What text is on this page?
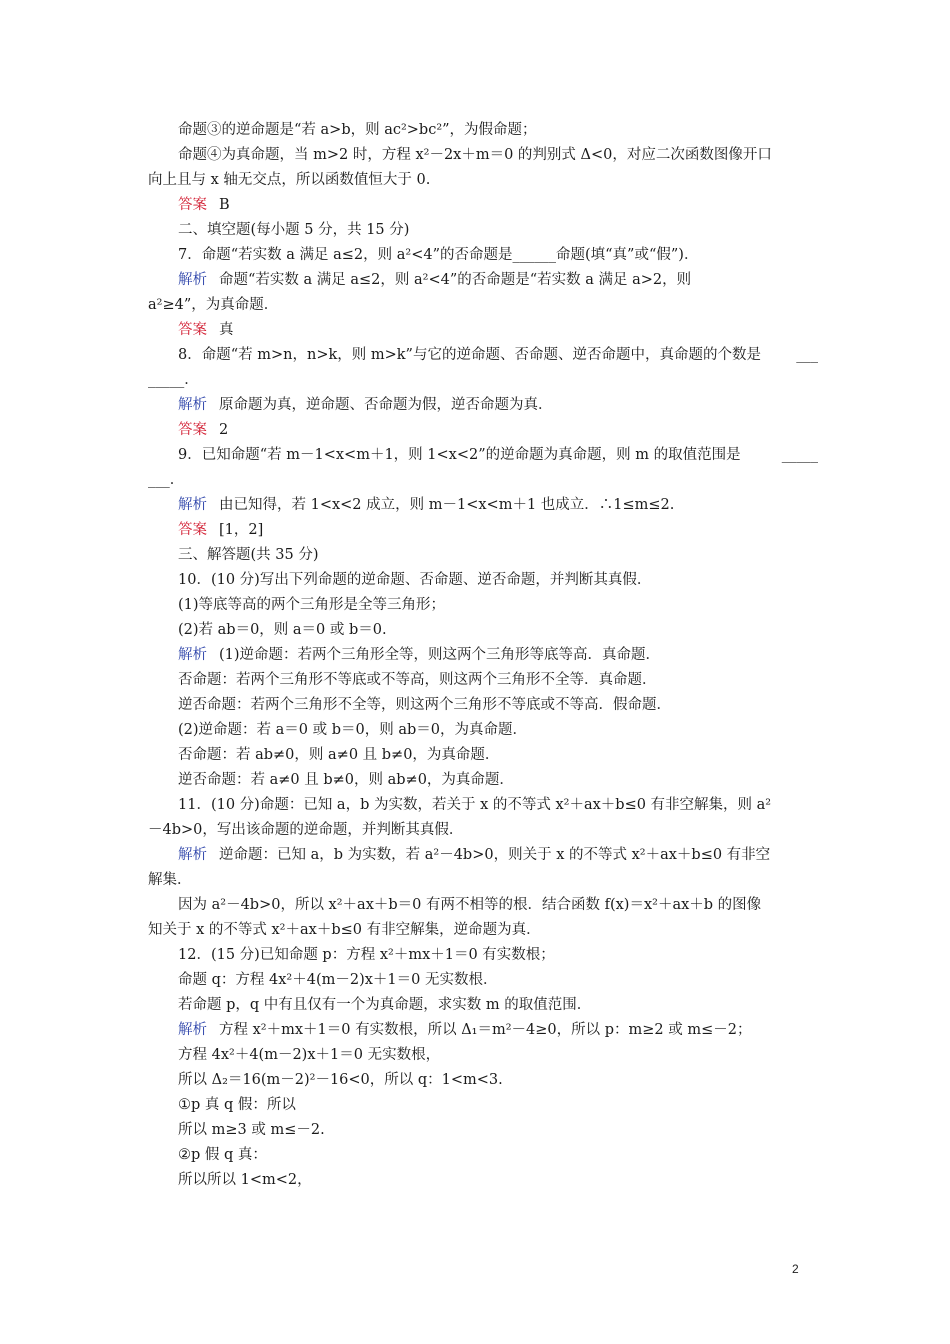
命题③的逆命题是“若 a>b，则 ac²>bc²”，为假命题；
命题④为真命题，当 m>2 时，方程 x²－2x＋m＝0 的判别式 Δ<0，对应二次函数图像开口
向上且与 x 轴无交点，所以函数值恒大于 0.
答案 B
二、填空题(每小题 5 分，共 15 分)
7．命题“若实数 a 满足 a≤2，则 a²<4”的否命题是______命题(填“真”或“假”)．
解析 命题“若实数 a 满足 a≤2，则 a²<4”的否命题是“若实数 a 满足 a>2，则
a²≥4”，为真命题．
答案 真
8．命题“若 m>n，n>k，则 m>k”与它的逆命题、否命题、逆否命题中，真命题的个数是 ___
_____．
解析 原命题为真，逆命题、否命题为假，逆否命题为真．
答案 2
9．已知命题“若 m－1<x<m＋1，则 1<x<2”的逆命题为真命题，则 m 的取值范围是	_____
___．
解析 由已知得，若 1<x<2 成立，则 m－1<x<m＋1 也成立．∴1≤m≤2.
答案 [1，2]
三、解答题(共 35 分)
10．(10 分)写出下列命题的逆命题、否命题、逆否命题，并判断其真假．
(1)等底等高的两个三角形是全等三角形；
(2)若 ab＝0，则 a＝0 或 b＝0.
解析 (1)逆命题：若两个三角形全等，则这两个三角形等底等高．真命题．
否命题：若两个三角形不等底或不等高，则这两个三角形不全等．真命题．
逆否命题：若两个三角形不全等，则这两个三角形不等底或不等高．假命题．
(2)逆命题：若 a＝0 或 b＝0，则 ab＝0，为真命题．
否命题：若 ab≠0，则 a≠0 且 b≠0，为真命题．
逆否命题：若 a≠0 且 b≠0，则 ab≠0，为真命题．
11．(10 分)命题：已知 a，b 为实数，若关于 x 的不等式 x²＋ax＋b≤0 有非空解集，则 a²
－4b>0，写出该命题的逆命题，并判断其真假．
解析 逆命题：已知 a，b 为实数，若 a²－4b>0，则关于 x 的不等式 x²＋ax＋b≤0 有非空
解集．
因为 a²－4b>0，所以 x²＋ax＋b＝0 有两不相等的根．结合函数 f(x)＝x²＋ax＋b 的图像
知关于 x 的不等式 x²＋ax＋b≤0 有非空解集，逆命题为真．
12．(15 分)已知命题 p：方程 x²＋mx＋1＝0 有实数根；
命题 q：方程 4x²＋4(m－2)x＋1＝0 无实数根．
若命题 p，q 中有且仅有一个为真命题，求实数 m 的取值范围．
解析 方程 x²＋mx＋1＝0 有实数根，所以 Δ₁＝m²－4≥0，所以 p：m≥2 或 m≤－2；
方程 4x²＋4(m－2)x＋1＝0 无实数根，
所以 Δ₂＝16(m－2)²－16<0，所以 q：1<m<3.
①p 真 q 假：所以
所以 m≥3 或 m≤－2.
②p 假 q 真：
所以所以 1<m<2，
2
